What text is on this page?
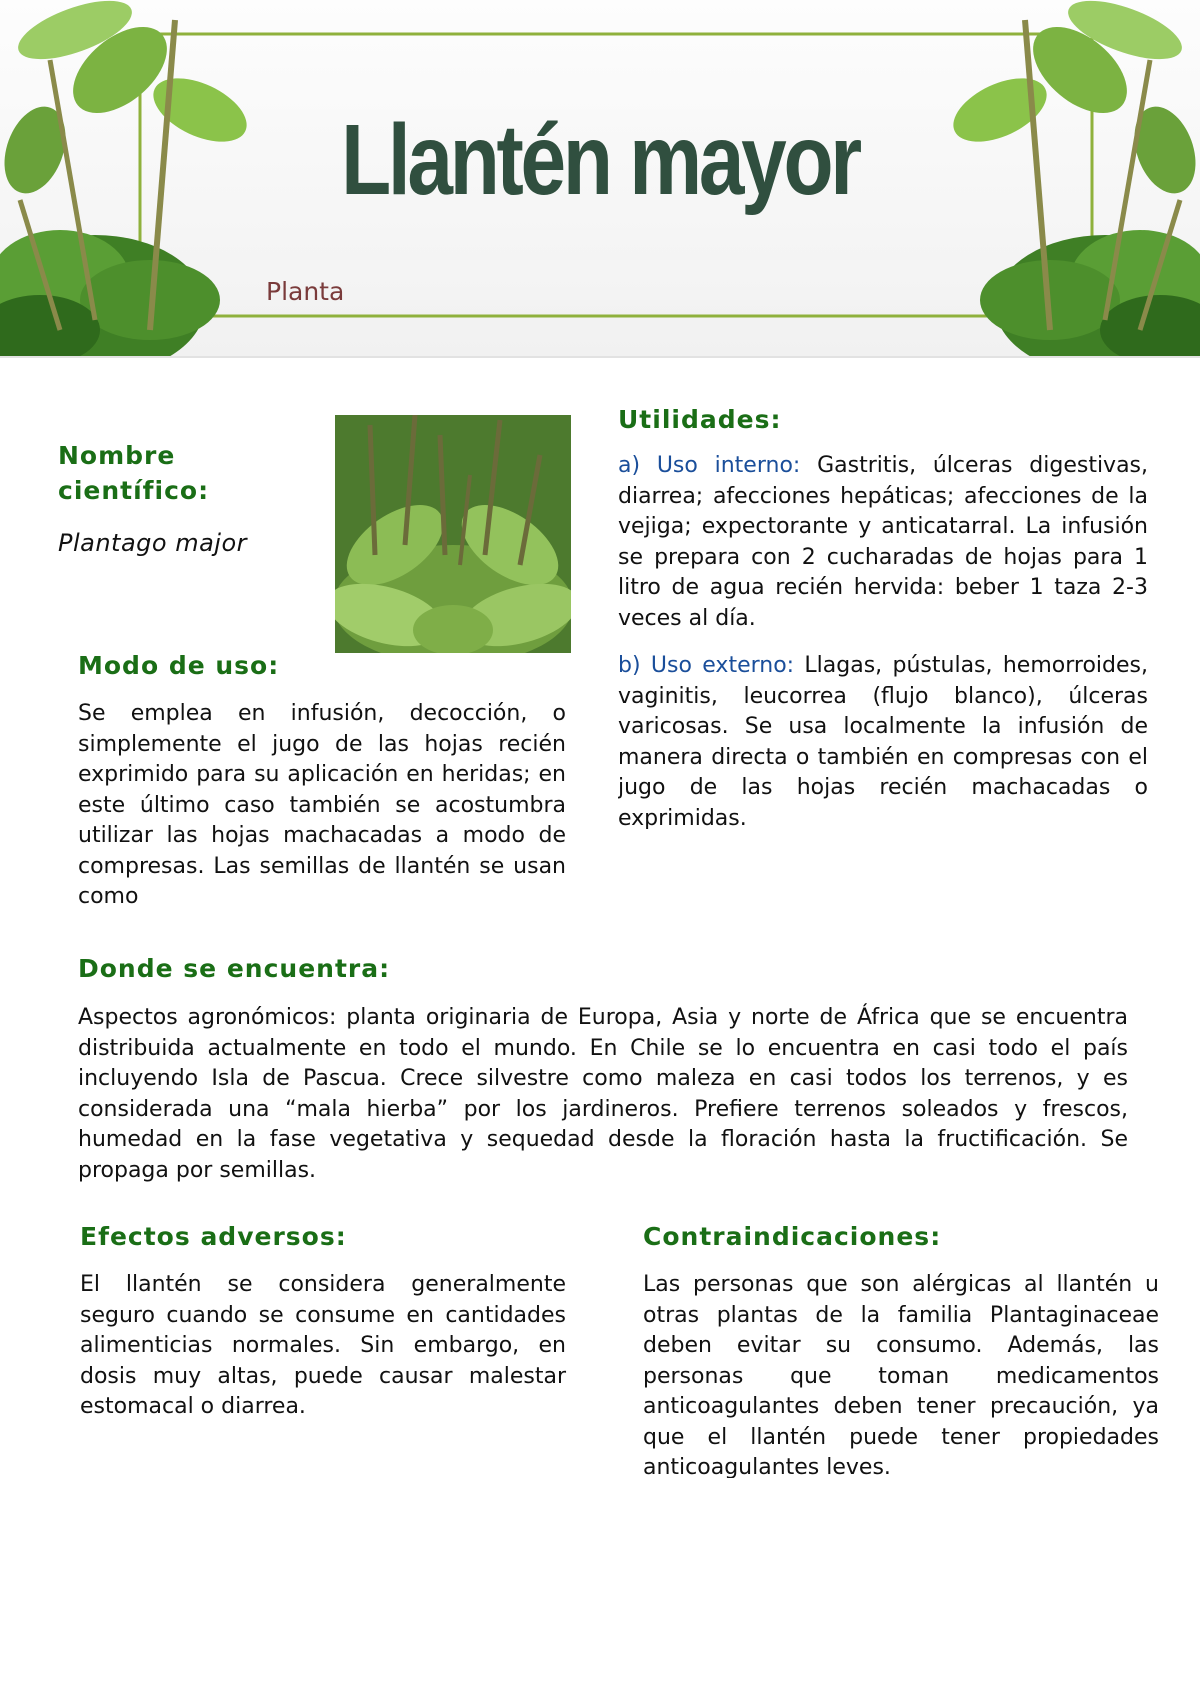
Llantén mayor
Planta
Nombre científico:

Plantago major

Utilidades:

a) Uso interno: Gastritis, úlceras digestivas, diarrea; afecciones hepáticas; afecciones de la vejiga; expectorante y anticatarral. La infusión se prepara con 2 cucharadas de hojas para 1 litro de agua recién hervida: beber 1 taza 2-3 veces al día.

b) Uso externo: Llagas, pústulas, hemorroides, vaginitis, leucorrea (flujo blanco), úlceras varicosas. Se usa localmente la infusión de manera directa o también en compresas con el jugo de las hojas recién machacadas o exprimidas.

Modo de uso:

Se emplea en infusión, decocción, o simplemente el jugo de las hojas recién exprimido para su aplicación en heridas; en este último caso también se acostumbra utilizar las hojas machacadas a modo de compresas. Las semillas de llantén se usan como

Donde se encuentra:

Aspectos agronómicos: planta originaria de Europa, Asia y norte de África que se encuentra distribuida actualmente en todo el mundo. En Chile se lo encuentra en casi todo el país incluyendo Isla de Pascua. Crece silvestre como maleza en casi todos los terrenos, y es considerada una “mala hierba” por los jardineros. Prefiere terrenos soleados y frescos, humedad en la fase vegetativa y sequedad desde la floración hasta la fructificación. Se propaga por semillas.

Efectos adversos:

El llantén se considera generalmente seguro cuando se consume en cantidades alimenticias normales. Sin embargo, en dosis muy altas, puede causar malestar estomacal o diarrea.

Contraindicaciones:

Las personas que son alérgicas al llantén u otras plantas de la familia Plantaginaceae deben evitar su consumo. Además, las personas que toman medicamentos anticoagulantes deben tener precaución, ya que el llantén puede tener propiedades anticoagulantes leves.
